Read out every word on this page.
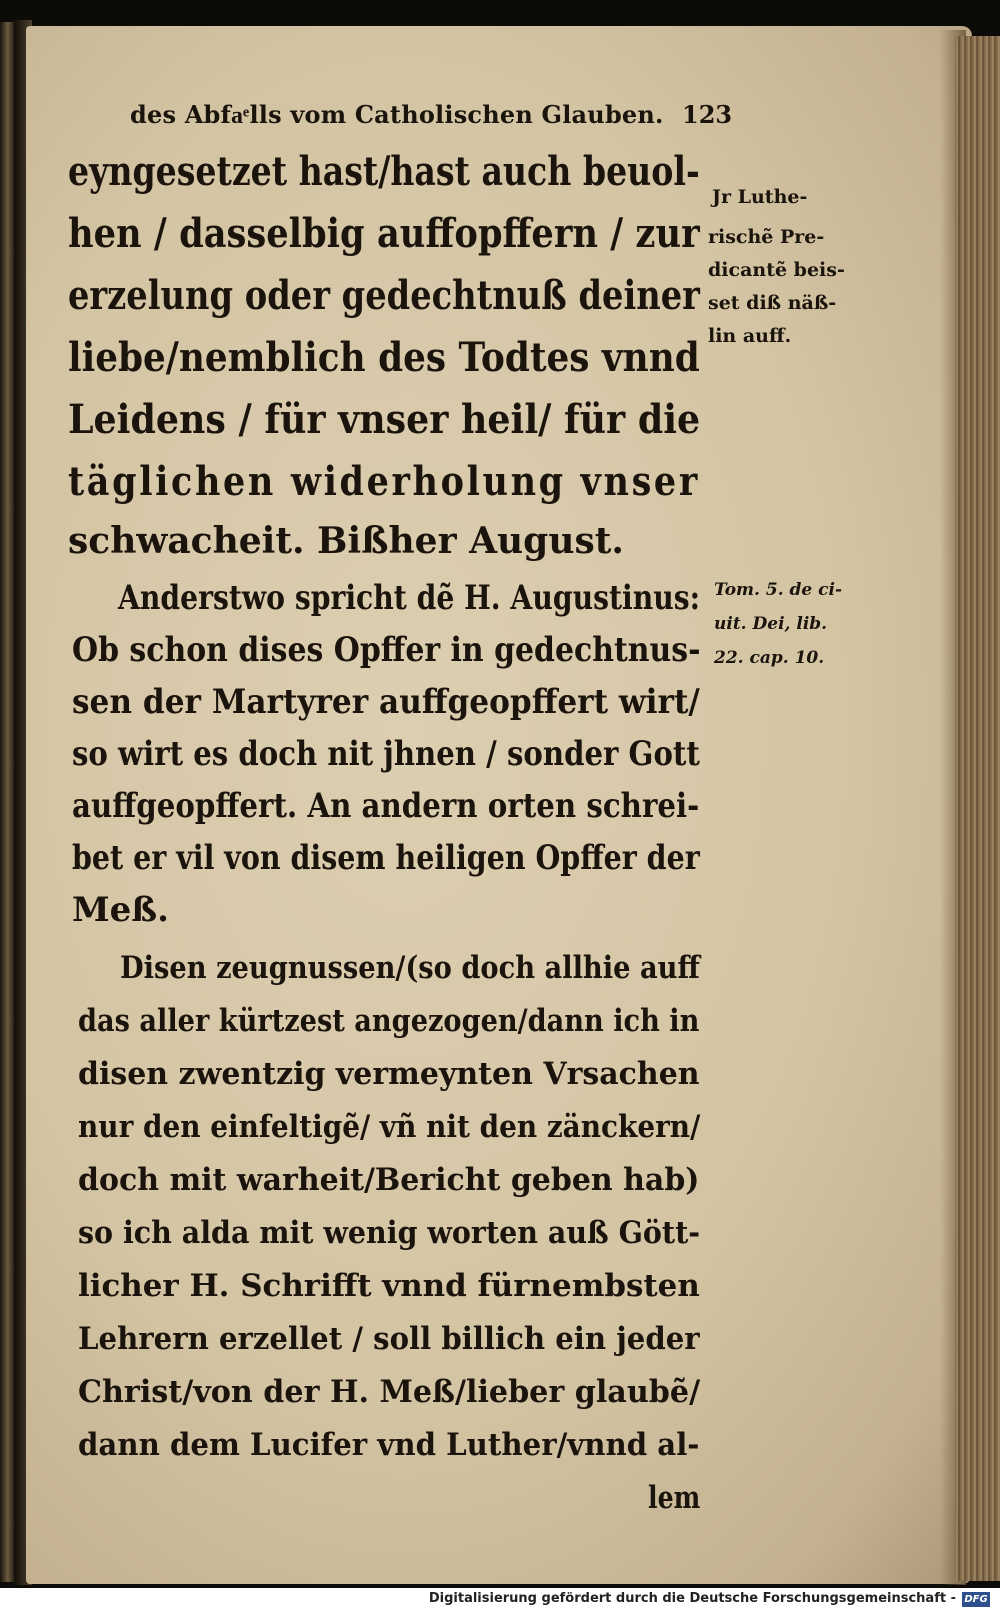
des Abfaͤlls vom Catholischen Glauben. 123
eyngesetzet hast/hast auch beuol-
hen / dasselbig auffopffern / zur
erzelung oder gedechtnuß deiner
liebe/nemblich des Todtes vnnd
Leidens / für vnser heil/ für die
täglichen widerholung vnser
schwacheit. Bißher August.
Anderstwo spricht dẽ H. Augustinus:
Ob schon dises Opffer in gedechtnus-
sen der Martyrer auffgeopffert wirt/
so wirt es doch nit jhnen / sonder Gott
auffgeopffert. An andern orten schrei-
bet er vil von disem heiligen Opffer der
Meß.
Disen zeugnussen/(so doch allhie auff
das aller kürtzest angezogen/dann ich in
disen zwentzig vermeynten Vrsachen
nur den einfeltigẽ/ vñ nit den zänckern/
doch mit warheit/Bericht geben hab)
so ich alda mit wenig worten auß Gött-
licher H. Schrifft vnnd fürnembsten
Lehrern erzellet / soll billich ein jeder
Christ/von der H. Meß/lieber glaubẽ/
dann dem Lucifer vnd Luther/vnnd al-
lem
Jr Luthe-
rischẽ Pre-
dicantẽ beis-
set diß näß-
lin auff.
Tom. 5. de ci-
uit. Dei, lib.
22. cap. 10.
Digitalisierung gefördert durch die Deutsche Forschungsgemeinschaft - DFG
